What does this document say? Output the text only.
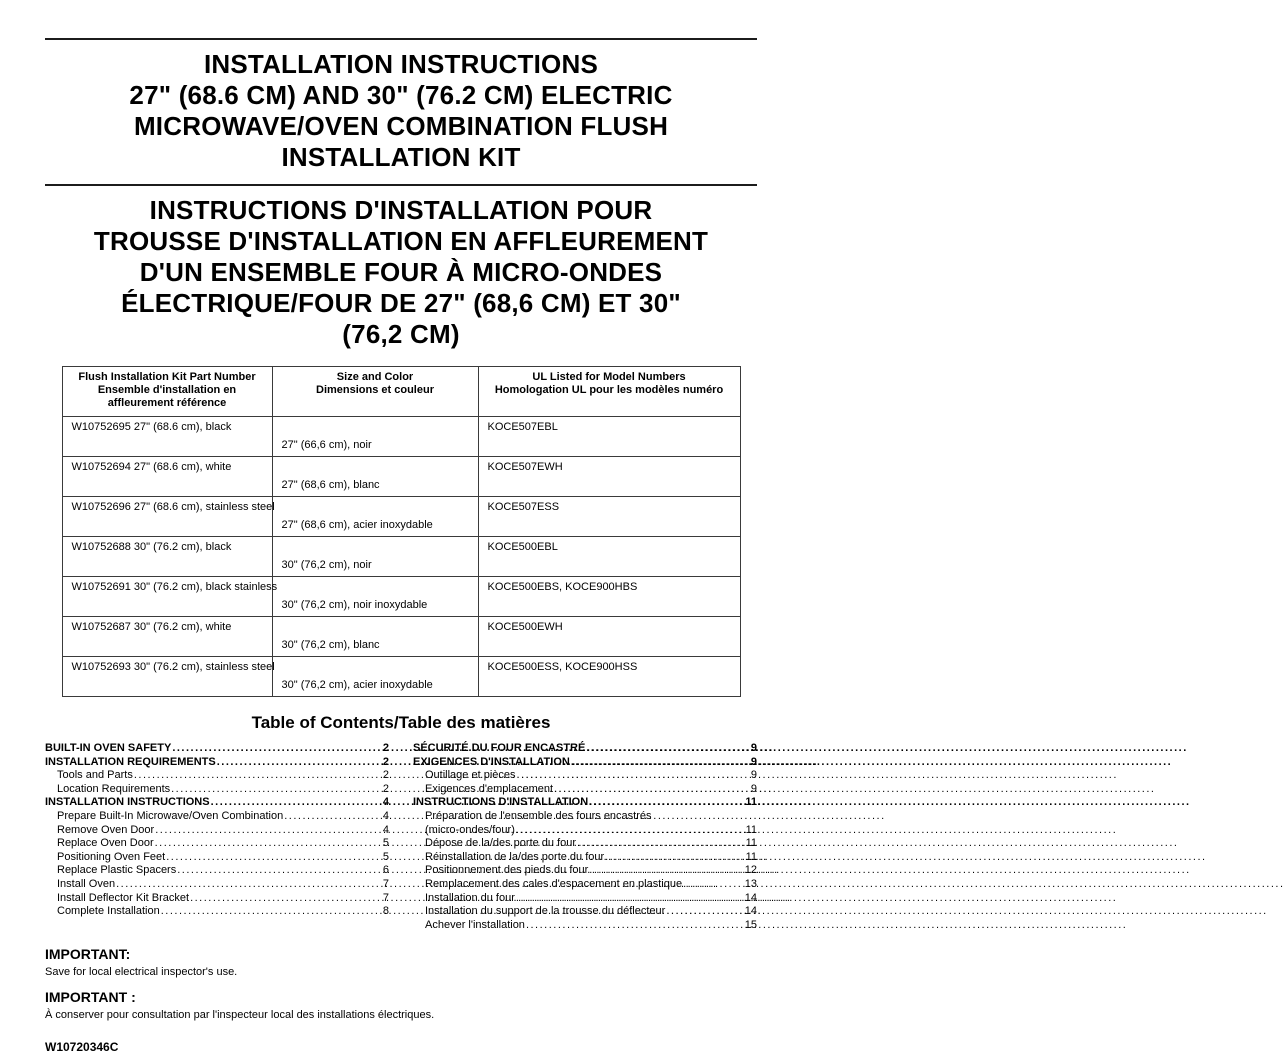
INSTALLATION INSTRUCTIONS
27" (68.6 CM) AND 30" (76.2 CM) ELECTRIC
MICROWAVE/OVEN COMBINATION FLUSH
INSTALLATION KIT
INSTRUCTIONS D'INSTALLATION POUR
TROUSSE D'INSTALLATION EN AFFLEUREMENT
D'UN ENSEMBLE FOUR À MICRO-ONDES
ÉLECTRIQUE/FOUR DE 27" (68,6 CM) ET 30"
(76,2 CM)
Flush Installation Kit Part Number
Ensemble d'installation en affleurement référence

Size and Color
Dimensions et couleur

UL Listed for Model Numbers
Homologation UL pour les modèles numéro

W10752695 27" (68.6 cm), black	27" (66,6 cm), noir	KOCE507EBL
W10752694 27" (68.6 cm), white	27" (68,6 cm), blanc	KOCE507EWH
W10752696 27" (68.6 cm), stainless steel	27" (68,6 cm), acier inoxydable	KOCE507ESS
W10752688 30" (76.2 cm), black	30" (76,2 cm), noir	KOCE500EBL
W10752691 30" (76.2 cm), black stainless	30" (76,2 cm), noir inoxydable	KOCE500EBS, KOCE900HBS
W10752687 30" (76.2 cm), white	30" (76,2 cm), blanc	KOCE500EWH
W10752693 30" (76.2 cm), stainless steel	30" (76,2 cm), acier inoxydable	KOCE500ESS, KOCE900HSS
Table of Contents/Table des matières
BUILT-IN OVEN SAFETY .....	2
INSTALLATION REQUIREMENTS .....	2
Tools and Parts .....	2
Location Requirements .....	2
INSTALLATION INSTRUCTIONS .....	4
Prepare Built-In Microwave/Oven Combination .....	4
Remove Oven Door .....	4
Replace Oven Door .....	5
Positioning Oven Feet .....	5
Replace Plastic Spacers .....	6
Install Oven .....	7
Install Deflector Kit Bracket .....	7
Complete Installation .....	8
SÉCURITÉ DU FOUR ENCASTRÉ .....	9
EXIGENCES D'INSTALLATION .....	9
Outillage et pièces .....	9
Exigences d'emplacement .....	9
INSTRUCTIONS D'INSTALLATION .....	11
Préparation de l'ensemble des fours encastrés
(micro-ondes/four) .....	11
Dépose de la/des porte du four .....	11
Réinstallation de la/des porte du four .....	11
Positionnement des pieds du four .....	12
Remplacement des cales d'espacement en plastique .....	13
Installation du four .....	14
Installation du support de la trousse du déflecteur .....	14
Achever l'installation .....	15
IMPORTANT:
Save for local electrical inspector's use.
IMPORTANT :
À conserver pour consultation par l'inspecteur local des installations électriques.
W10720346C
